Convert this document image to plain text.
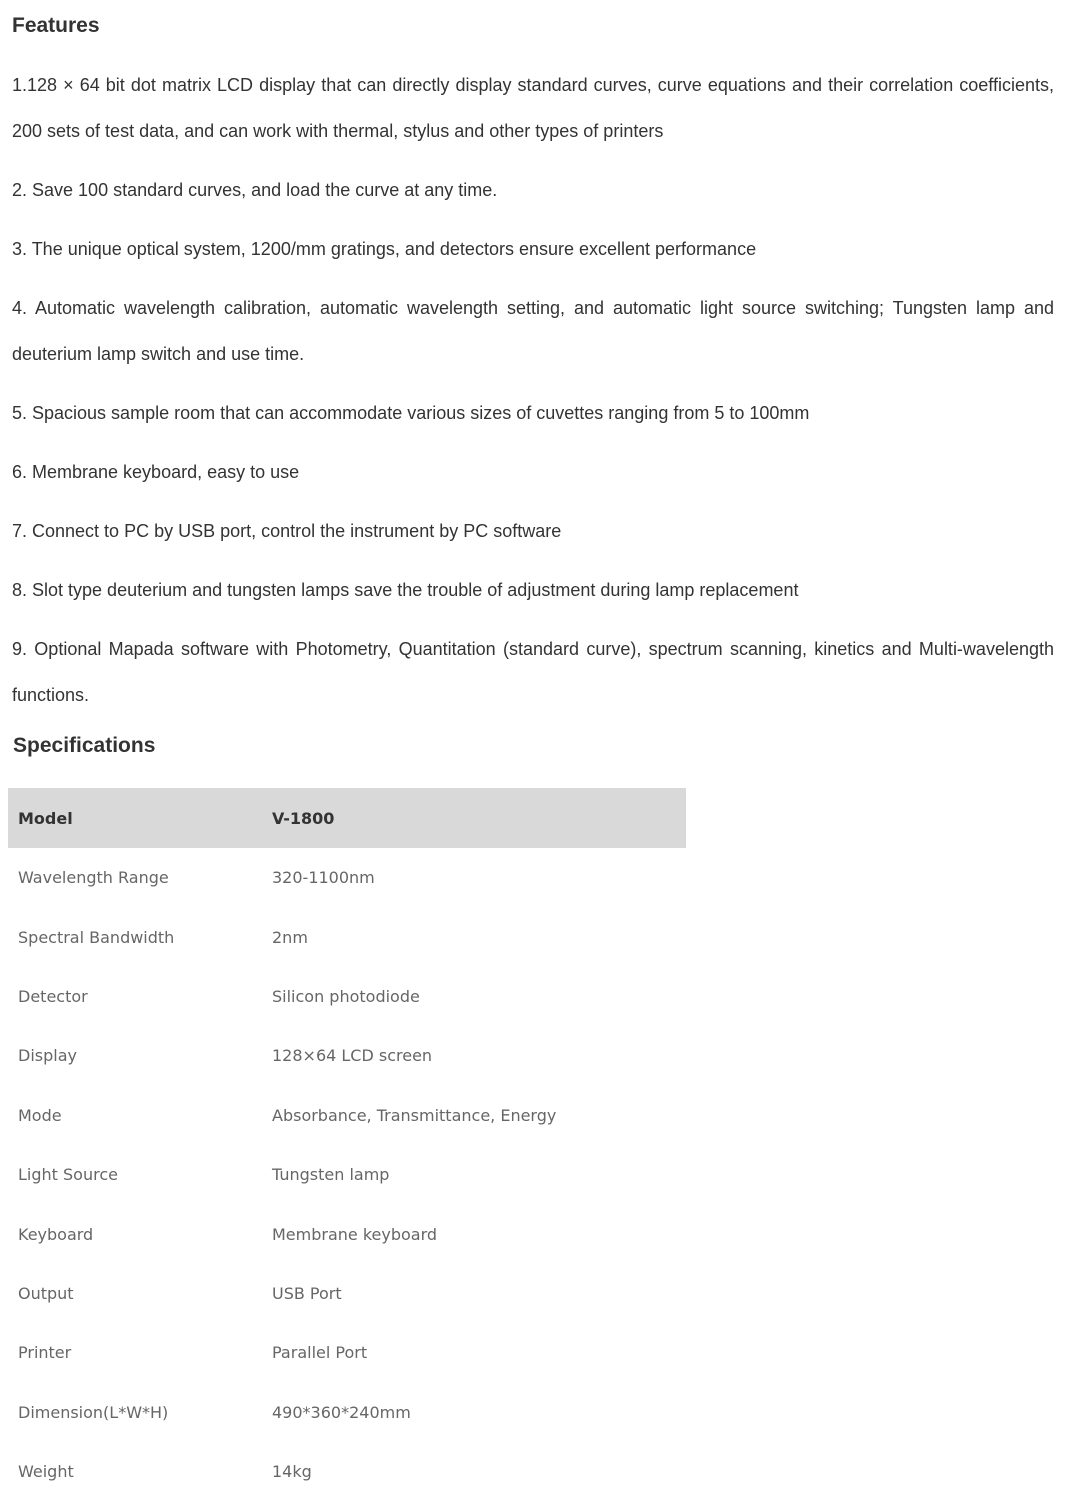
Features
1.128 × 64 bit dot matrix LCD display that can directly display standard curves, curve equations and their correlation coefficients, 200 sets of test data, and can work with thermal, stylus and other types of printers
2. Save 100 standard curves, and load the curve at any time.
3. The unique optical system, 1200/mm gratings, and detectors ensure excellent performance
4. Automatic wavelength calibration, automatic wavelength setting, and automatic light source switching; Tungsten lamp and deuterium lamp switch and use time.
5. Spacious sample room that can accommodate various sizes of cuvettes ranging from 5 to 100mm
6. Membrane keyboard, easy to use
7. Connect to PC by USB port, control the instrument by PC software
8. Slot type deuterium and tungsten lamps save the trouble of adjustment during lamp replacement
9. Optional Mapada software with Photometry, Quantitation (standard curve), spectrum scanning, kinetics and Multi-wavelength functions.
Specifications
Model	V-1800
Wavelength Range	320-1100nm
Spectral Bandwidth	2nm
Detector	Silicon photodiode
Display	128×64 LCD screen
Mode	Absorbance, Transmittance, Energy
Light Source	Tungsten lamp
Keyboard	Membrane keyboard
Output	USB Port
Printer	Parallel Port
Dimension(L*W*H)	490*360*240mm
Weight	14kg
